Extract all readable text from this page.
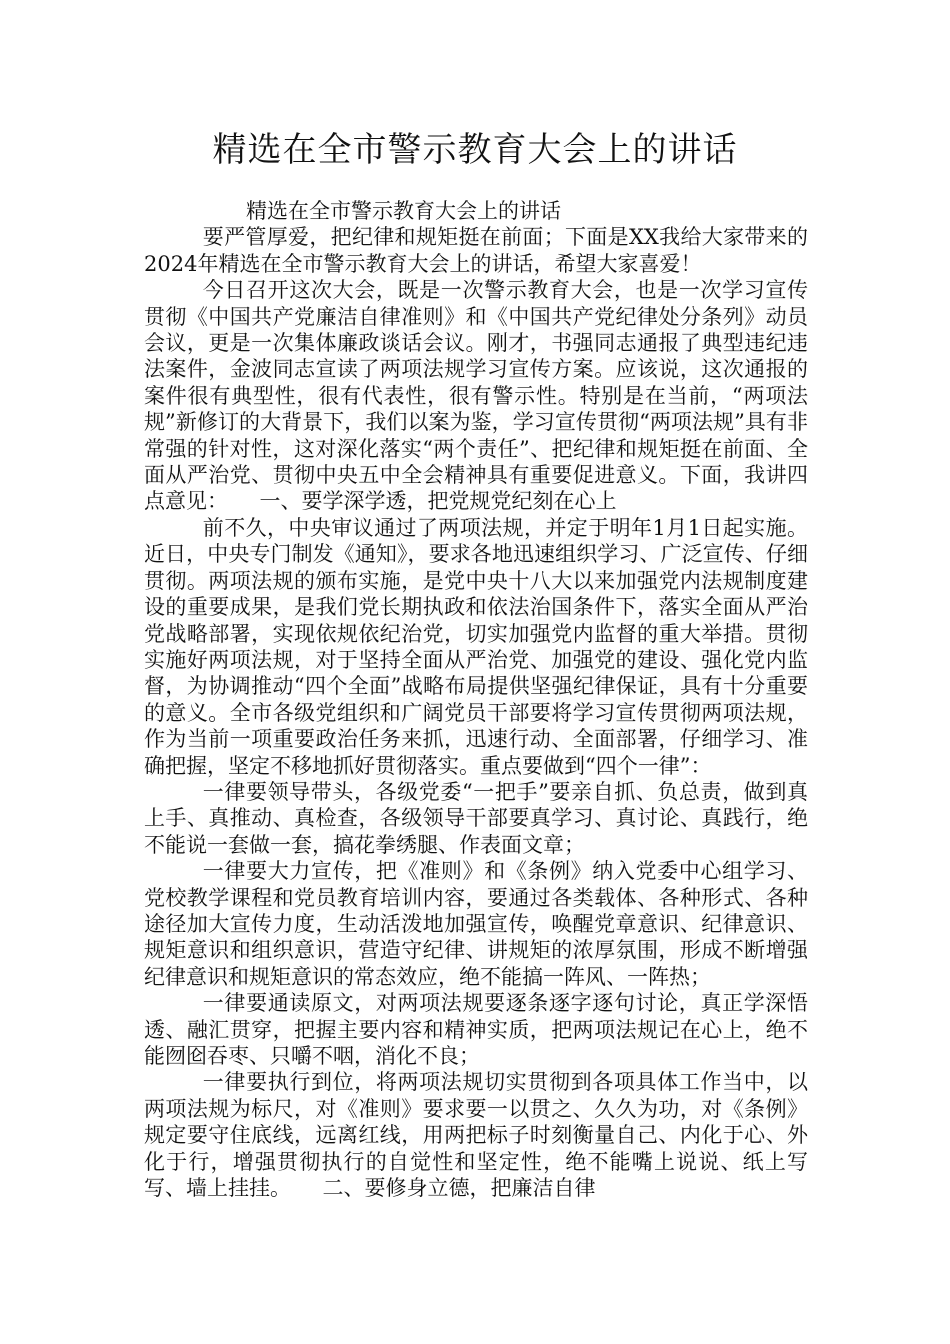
精选在全市警示教育大会上的讲话

精选在全市警示教育大会上的讲话

要严管厚爱，把纪律和规矩挺在前面；下面是XX我给大家带来的2024年精选在全市警示教育大会上的讲话，希望大家喜爱！

今日召开这次大会，既是一次警示教育大会，也是一次学习宣传贯彻《中国共产党廉洁自律准则》和《中国共产党纪律处分条列》动员会议，更是一次集体廉政谈话会议。刚才，书强同志通报了典型违纪违法案件，金波同志宣读了两项法规学习宣传方案。应该说，这次通报的案件很有典型性，很有代表性，很有警示性。特别是在当前，“两项法规”新修订的大背景下，我们以案为鉴，学习宣传贯彻“两项法规”具有非常强的针对性，这对深化落实“两个责任”、把纪律和规矩挺在前面、全面从严治党、贯彻中央五中全会精神具有重要促进意义。下面，我讲四点意见：　　一、要学深学透，把党规党纪刻在心上

前不久，中央审议通过了两项法规，并定于明年1月1日起实施。近日，中央专门制发《通知》，要求各地迅速组织学习、广泛宣传、仔细贯彻。两项法规的颁布实施，是党中央十八大以来加强党内法规制度建设的重要成果，是我们党长期执政和依法治国条件下，落实全面从严治党战略部署，实现依规依纪治党，切实加强党内监督的重大举措。贯彻实施好两项法规，对于坚持全面从严治党、加强党的建设、强化党内监督，为协调推动“四个全面”战略布局提供坚强纪律保证，具有十分重要的意义。全市各级党组织和广阔党员干部要将学习宣传贯彻两项法规，作为当前一项重要政治任务来抓，迅速行动、全面部署，仔细学习、准确把握，坚定不移地抓好贯彻落实。重点要做到“四个一律”：

一律要领导带头，各级党委“一把手”要亲自抓、负总责，做到真上手、真推动、真检查，各级领导干部要真学习、真讨论、真践行，绝不能说一套做一套，搞花拳绣腿、作表面文章；

一律要大力宣传，把《准则》和《条例》纳入党委中心组学习、党校教学课程和党员教育培训内容，要通过各类载体、各种形式、各种途径加大宣传力度，生动活泼地加强宣传，唤醒党章意识、纪律意识、规矩意识和组织意识，营造守纪律、讲规矩的浓厚氛围，形成不断增强纪律意识和规矩意识的常态效应，绝不能搞一阵风、一阵热；

一律要通读原文，对两项法规要逐条逐字逐句讨论，真正学深悟透、融汇贯穿，把握主要内容和精神实质，把两项法规记在心上，绝不能囫囵吞枣、只嚼不咽，消化不良；

一律要执行到位，将两项法规切实贯彻到各项具体工作当中，以两项法规为标尺，对《准则》要求要一以贯之、久久为功，对《条例》规定要守住底线，远离红线，用两把标子时刻衡量自己、内化于心、外化于行，增强贯彻执行的自觉性和坚定性，绝不能嘴上说说、纸上写写、墙上挂挂。　　二、要修身立德，把廉洁自律
